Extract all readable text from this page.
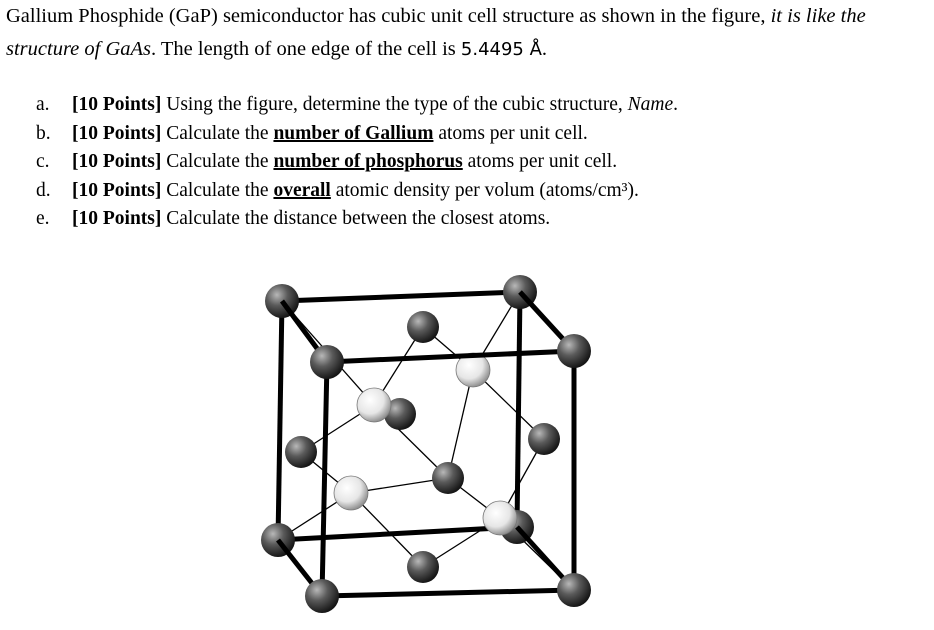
Gallium Phosphide (GaP) semiconductor has cubic unit cell structure as shown in the figure, it is like the structure of GaAs. The length of one edge of the cell is 5.4495 Å.
a. [10 Points] Using the figure, determine the type of the cubic structure, Name.
b. [10 Points] Calculate the number of Gallium atoms per unit cell.
c. [10 Points] Calculate the number of phosphorus atoms per unit cell.
d. [10 Points] Calculate the overall atomic density per volum (atoms/cm³).
e. [10 Points] Calculate the distance between the closest atoms.
